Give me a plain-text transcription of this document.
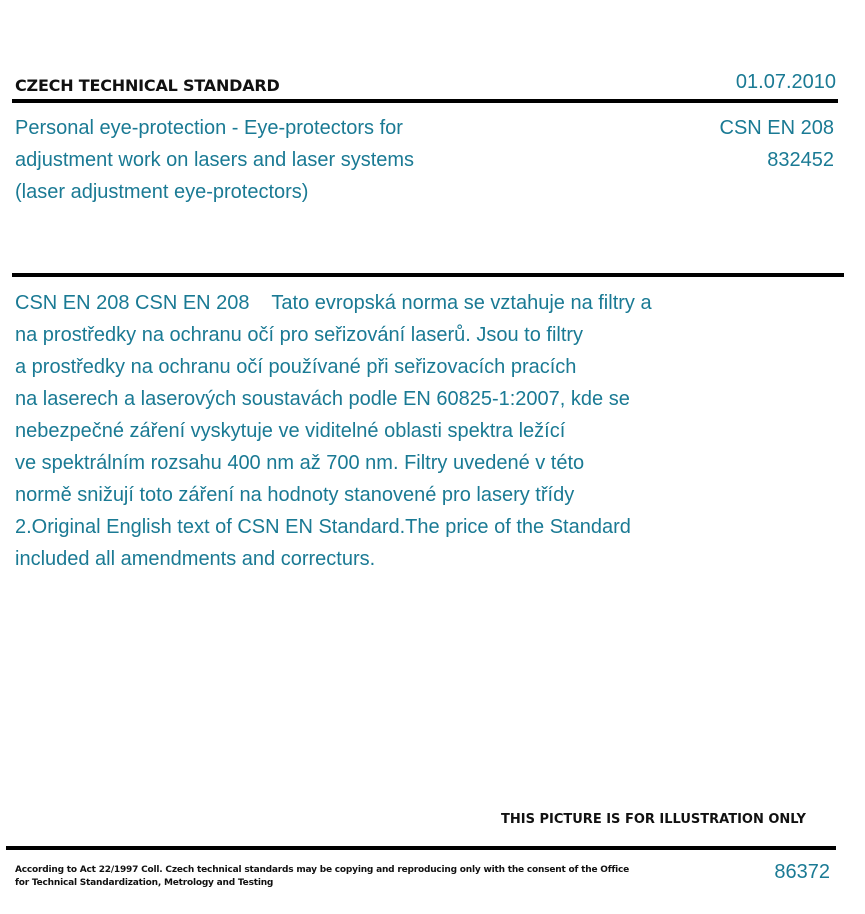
CZECH TECHNICAL STANDARD	01.07.2010
Personal eye-protection - Eye-protectors for
adjustment work on lasers and laser systems
(laser adjustment eye-protectors)
CSN EN 208
832452
CSN EN 208 CSN EN 208    Tato evropská norma se vztahuje na filtry a
na prostředky na ochranu očí pro seřizování laserů. Jsou to filtry
a prostředky na ochranu očí používané při seřizovacích pracích
na laserech a laserových soustavách podle EN 60825-1:2007, kde se
nebezpečné záření vyskytuje ve viditelné oblasti spektra ležící
ve spektrálním rozsahu 400 nm až 700 nm. Filtry uvedené v této
normě snižují toto záření na hodnoty stanovené pro lasery třídy
2.Original English text of CSN EN Standard.The price of the Standard
included all amendments and correcturs.
THIS PICTURE IS FOR ILLUSTRATION ONLY
According to Act 22/1997 Coll. Czech technical standards may be copying and reproducing only with the consent of the Office
for Technical Standardization, Metrology and Testing	86372
